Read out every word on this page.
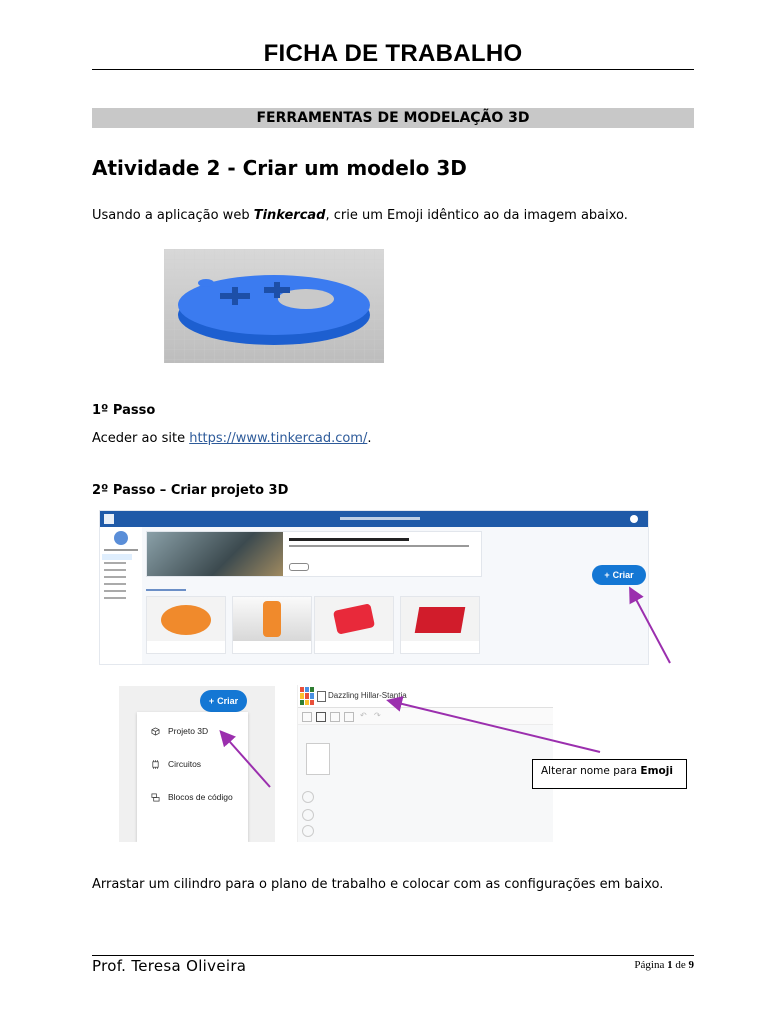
FICHA DE TRABALHO
FERRAMENTAS DE MODELAÇÃO 3D
Atividade 2 - Criar um modelo 3D
Usando a aplicação web Tinkercad, crie um Emoji idêntico ao da imagem abaixo.
1º Passo
Aceder ao site https://www.tinkercad.com/.
2º Passo – Criar projeto 3D
+ Criar
+ Criar
Projeto 3D
Circuitos
Blocos de código
Dazzling Hillar-Stantia
↶ ↷
Alterar nome para Emoji
Arrastar um cilindro para o plano de trabalho e colocar com as configurações em baixo.
Prof. Teresa Oliveira	Página 1 de 9
